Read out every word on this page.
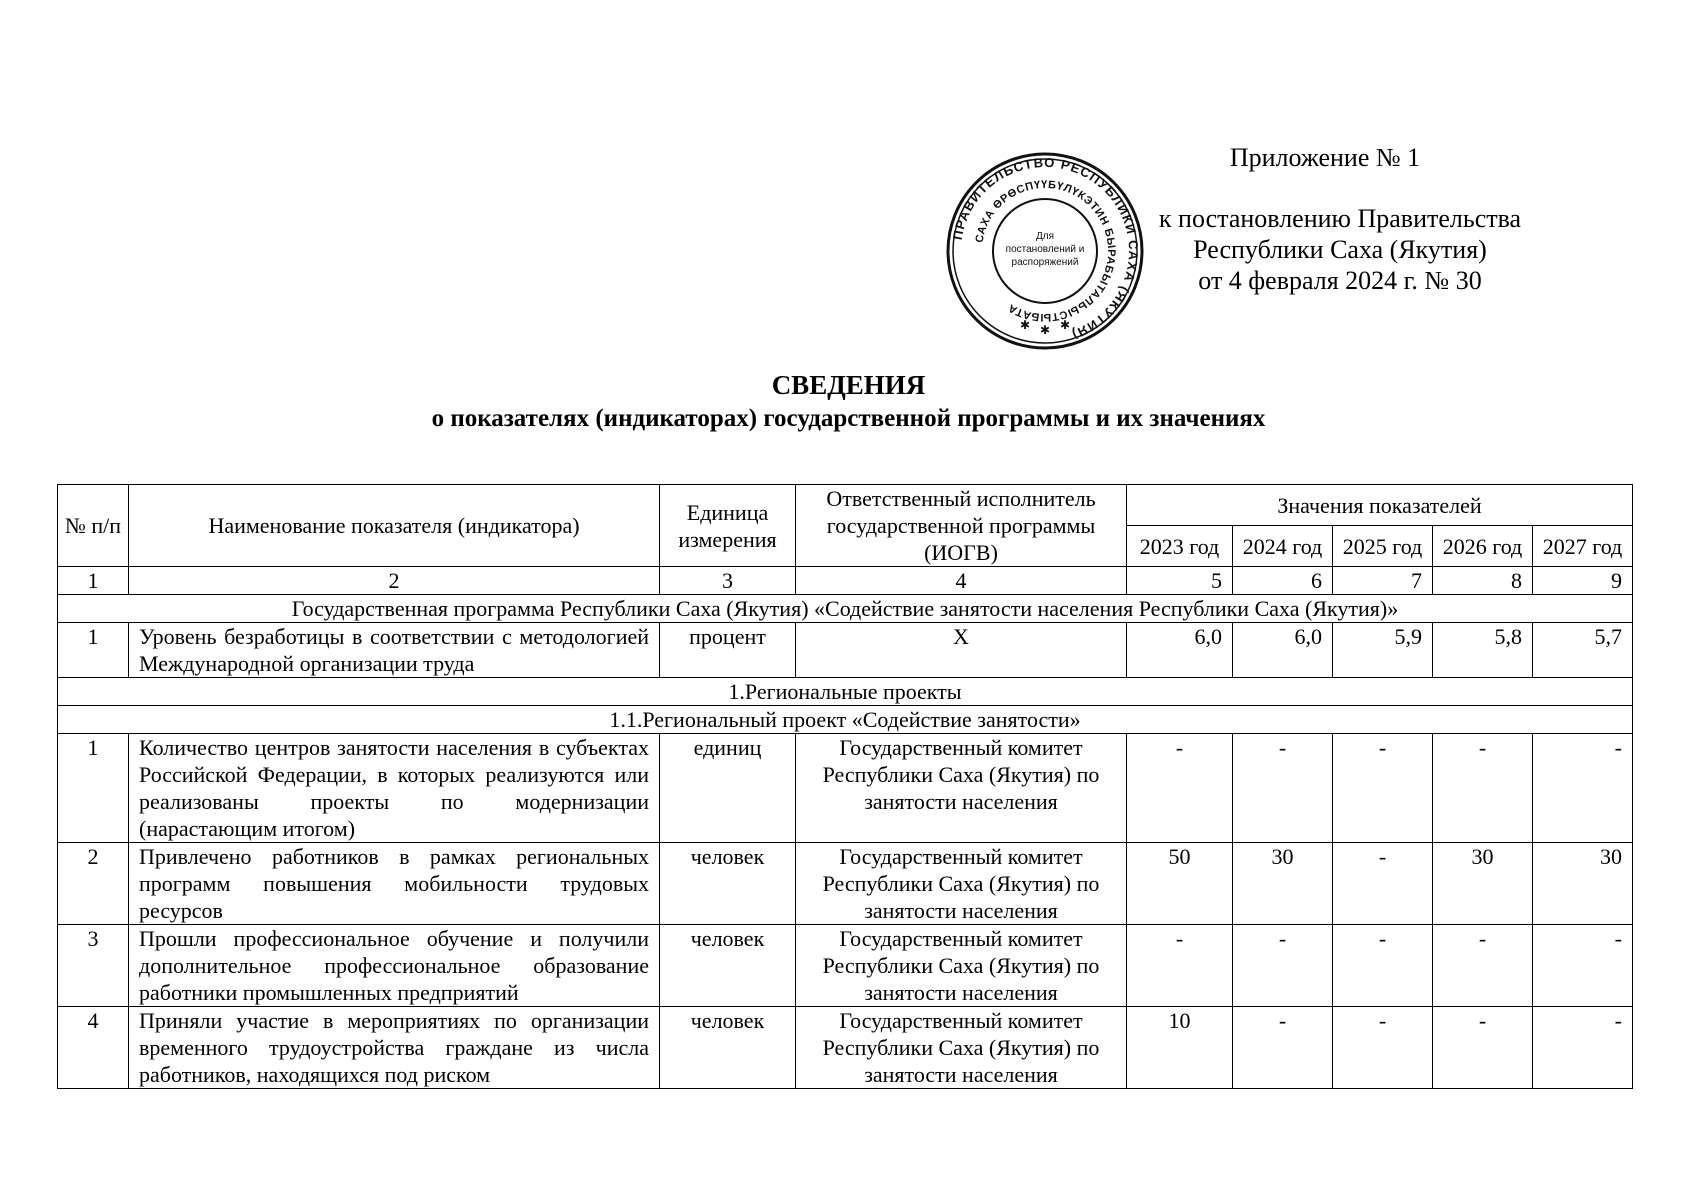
Приложение № 1
к постановлению Правительства
Республики Саха (Якутия)
от 4 февраля 2024 г. № 30
ПРАВИТЕЛЬСТВО РЕСПУБЛИКИ САХА (ЯКУТИЯ)
САХА ӨРӨСПҮҮБҮЛҮКЭТИН БЫРАБЫТАЛЬЫСТЫБАТА
Для
постановлений и
распоряжений
✱ ✱ ✱
СВЕДЕНИЯ
о показателях (индикаторах) государственной программы и их значениях
№ п/п	Наименование показателя (индикатора)	Единица измерения	Ответственный исполнитель государственной программы (ИОГВ)	Значения показателей				
				2023 год	2024 год	2025 год	2026 год	2027 год
1	2	3	4	5	6	7	8	9
Государственная программа Республики Саха (Якутия) «Содействие занятости населения Республики Саха (Якутия)»								
1	Уровень безработицы в соответствии с методологией Международной организации труда	процент	Х	6,0	6,0	5,9	5,8	5,7
1.Региональные проекты								
1.1.Региональный проект «Содействие занятости»								
1	Количество центров занятости населения в субъектах Российской Федерации, в которых реализуются или реализованы проекты по модернизации (нарастающим итогом)	единиц	Государственный комитет Республики Саха (Якутия) по занятости населения	-	-	-	-	-
2	Привлечено работников в рамках региональных программ повышения мобильности трудовых ресурсов	человек	Государственный комитет Республики Саха (Якутия) по занятости населения	50	30	-	30	30
3	Прошли профессиональное обучение и получили дополнительное профессиональное образование работники промышленных предприятий	человек	Государственный комитет Республики Саха (Якутия) по занятости населения	-	-	-	-	-
4	Приняли участие в мероприятиях по организации временного трудоустройства граждане из числа работников, находящихся под риском	человек	Государственный комитет Республики Саха (Якутия) по занятости населения	10	-	-	-	-
